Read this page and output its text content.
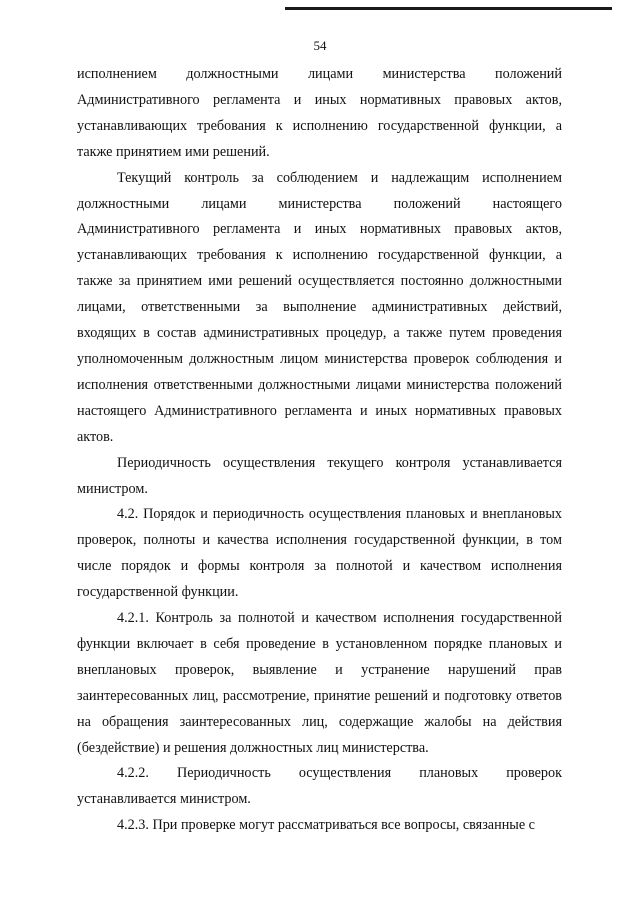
54

исполнением должностными лицами министерства положений Административного регламента и иных нормативных правовых актов, устанавливающих требования к исполнению государственной функции, а также принятием ими решений.

Текущий контроль за соблюдением и надлежащим исполнением должностными лицами министерства положений настоящего Административного регламента и иных нормативных правовых актов, устанавливающих требования к исполнению государственной функции, а также за принятием ими решений осуществляется постоянно должностными лицами, ответственными за выполнение административных действий, входящих в состав административных процедур, а также путем проведения уполномоченным должностным лицом министерства проверок соблюдения и исполнения ответственными должностными лицами министерства положений настоящего Административного регламента и иных нормативных правовых актов.

Периодичность осуществления текущего контроля устанавливается министром.

4.2. Порядок и периодичность осуществления плановых и внеплановых проверок, полноты и качества исполнения государственной функции, в том числе порядок и формы контроля за полнотой и качеством исполнения государственной функции.

4.2.1. Контроль за полнотой и качеством исполнения государственной функции включает в себя проведение в установленном порядке плановых и внеплановых проверок, выявление и устранение нарушений прав заинтересованных лиц, рассмотрение, принятие решений и подготовку ответов на обращения заинтересованных лиц, содержащие жалобы на действия (бездействие) и решения должностных лиц министерства.

4.2.2. Периодичность осуществления плановых проверок устанавливается министром.

4.2.3. При проверке могут рассматриваться все вопросы, связанные с
